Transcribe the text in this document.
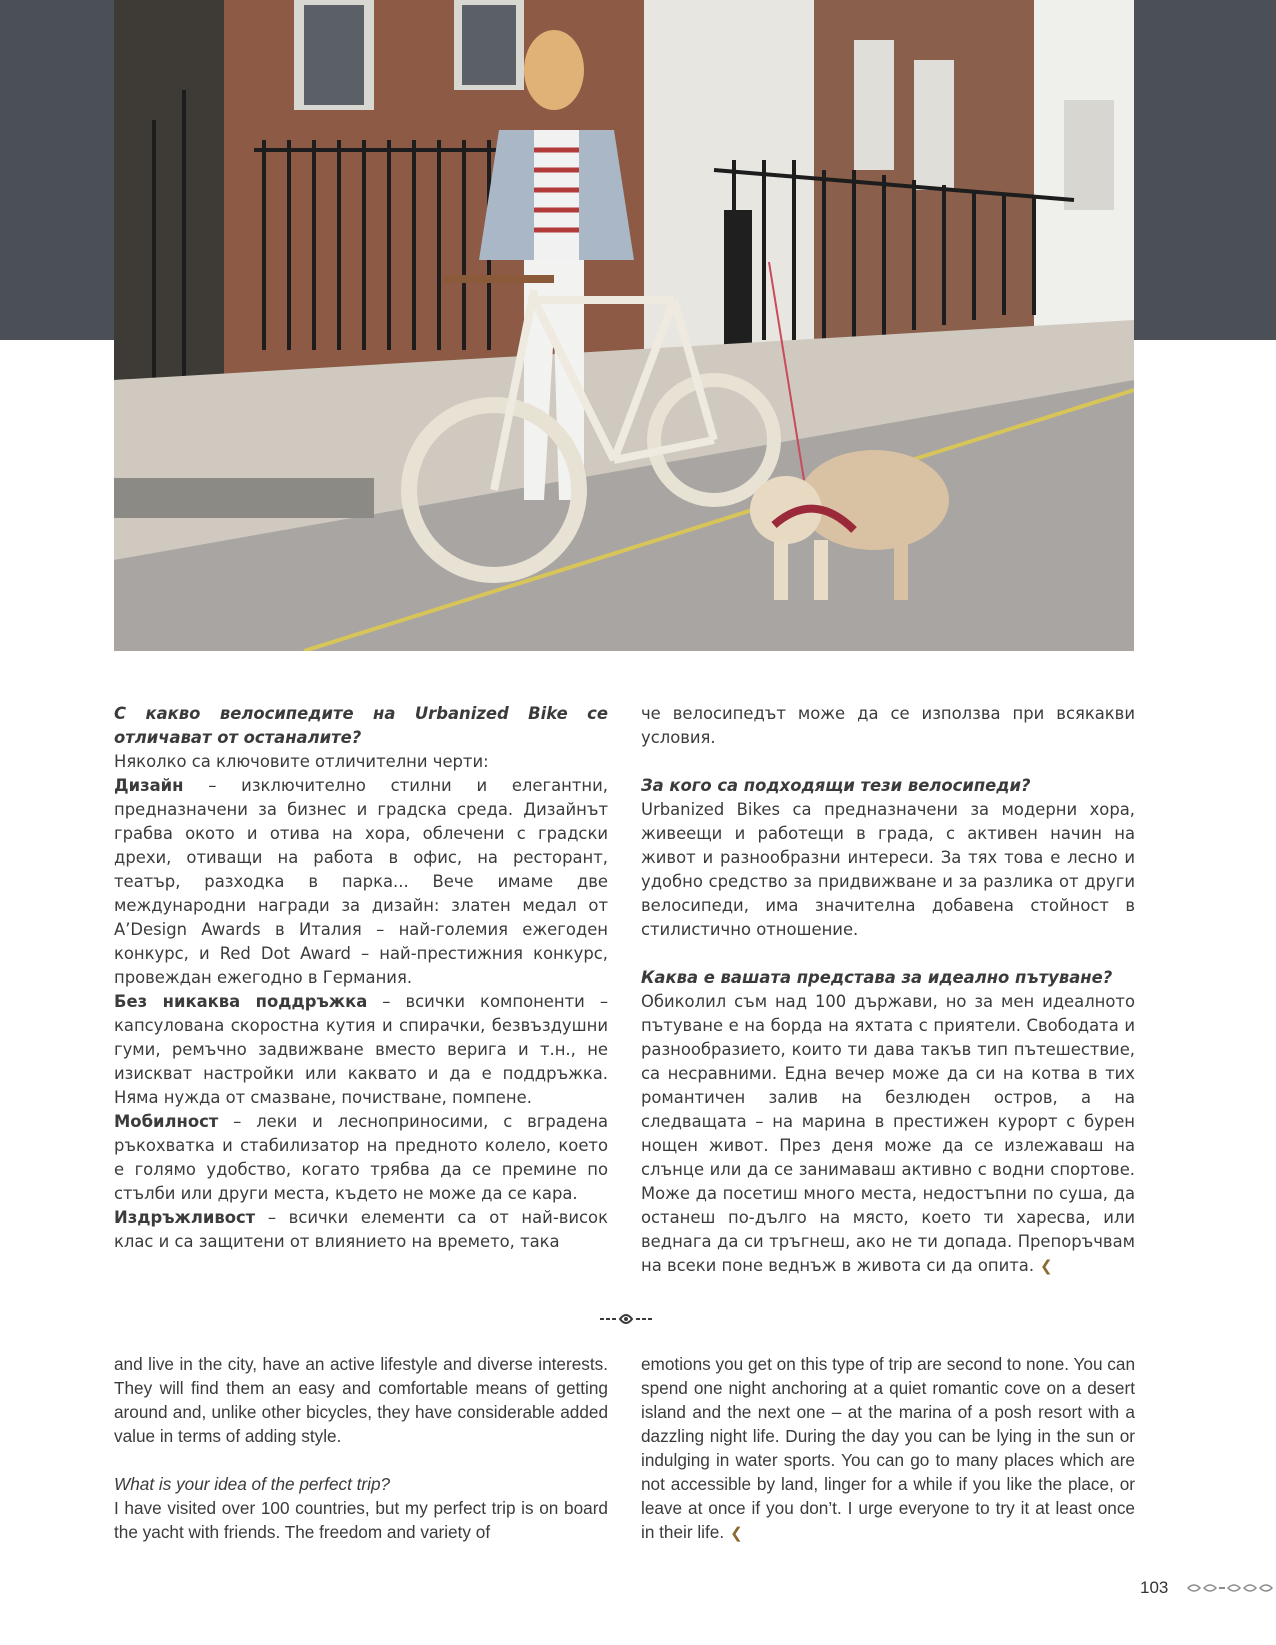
С какво велосипедите на Urbanized Bike се отличават от останалите?

Няколко са ключовите отличителни черти:

Дизайн – изключително стилни и елегантни, предназначени за бизнес и градска среда. Дизайнът грабва окото и отива на хора, облечени с градски дрехи, отиващи на работа в офис, на ресторант, театър, разходка в парка... Вече имаме две международни награди за дизайн: златен медал от A’Design Awards в Италия – най-големия ежегоден конкурс, и Red Dot Award – най-престижния конкурс, провеждан ежегодно в Германия.

Без никаква поддръжка – всички компоненти – капсулована скоростна кутия и спирачки, безвъздушни гуми, ремъчно задвижване вместо верига и т.н., не изискват настройки или каквато и да е поддръжка. Няма нужда от смазване, почистване, помпене.

Мобилност – леки и лесноприносими, с вградена ръкохватка и стабилизатор на предното колело, което е голямо удобство, когато трябва да се премине по стълби или други места, където не може да се кара.

Издръжливост – всички елементи са от най-висок клас и са защитени от влиянието на времето, така

че велосипедът може да се използва при всякакви условия.

За кого са подходящи тези велосипеди?

Urbanized Bikes са предназначени за модерни хора, живеещи и работещи в града, с активен начин на живот и разнообразни интереси. За тях това е лесно и удобно средство за придвижване и за разлика от други велосипеди, има значителна добавена стойност в стилистично отношение.

Каква е вашата представа за идеално пътуване?

Обиколил съм над 100 държави, но за мен идеалното пътуване е на борда на яхтата с приятели. Свободата и разнообразието, които ти дава такъв тип пътешествие, са несравними. Една вечер може да си на котва в тих романтичен залив на безлюден остров, а на следващата – на марина в престижен курорт с бурен нощен живот. През деня може да се излежаваш на слънце или да се занимаваш активно с водни спортове. Може да посетиш много места, недостъпни по суша, да останеш по-дълго на място, което ти харесва, или веднага да си тръгнеш, ако не ти допада. Препоръчвам на всеки поне веднъж в живота си да опита. ❮

and live in the city, have an active lifestyle and diverse interests. They will find them an easy and comfortable means of getting around and, unlike other bicycles, they have considerable added value in terms of adding style.

What is your idea of the perfect trip?

I have visited over 100 countries, but my perfect trip is on board the yacht with friends. The freedom and variety of

emotions you get on this type of trip are second to none. You can spend one night anchoring at a quiet romantic cove on a desert island and the next one – at the marina of a posh resort with a dazzling night life. During the day you can be lying in the sun or indulging in water sports. You can go to many places which are not accessible by land, linger for a while if you like the place, or leave at once if you don’t. I urge everyone to try it at least once in their life. ❮

103
